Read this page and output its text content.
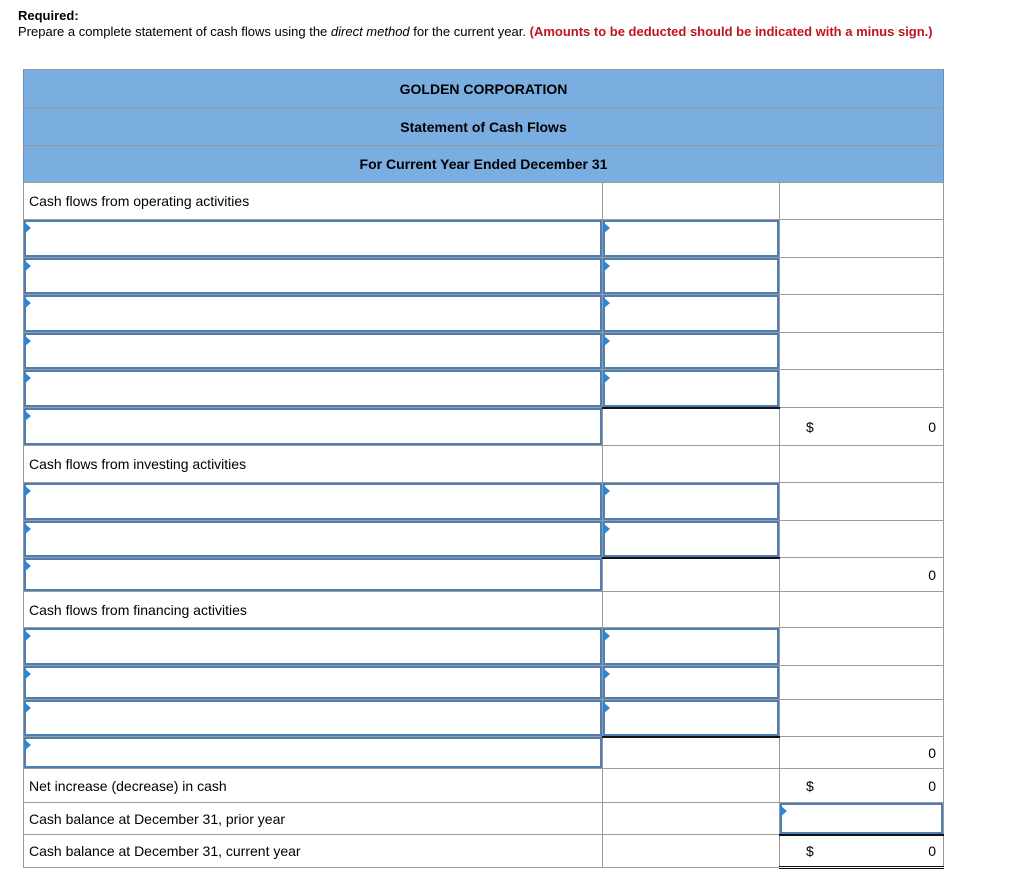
Required:
Prepare a complete statement of cash flows using the direct method for the current year. (Amounts to be deducted should be indicated with a minus sign.)
GOLDEN CORPORATION		
Statement of Cash Flows		
For Current Year Ended December 31		
Cash flows from operating activities		

		$ 0
Cash flows from investing activities		

		0
Cash flows from financing activities		

		0
Net increase (decrease) in cash		$ 0
Cash balance at December 31, prior year		
Cash balance at December 31, current year		$ 0
